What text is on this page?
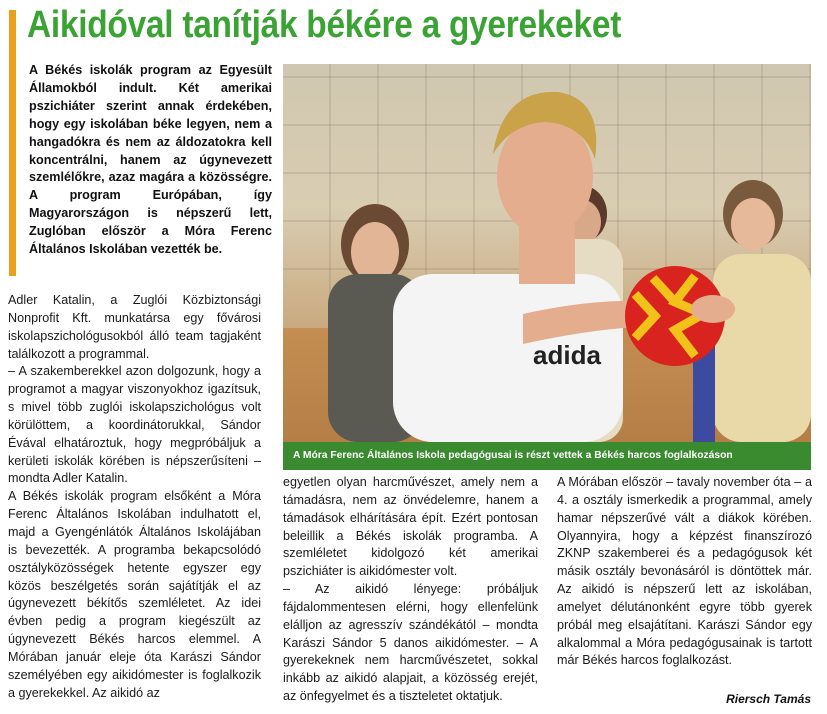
Aikidóval tanítják békére a gyerekeket

A Békés iskolák program az Egyesült Államokból indult. Két amerikai pszichiáter szerint annak érdekében, hogy egy iskolában béke legyen, nem a hangadókra és nem az áldozatokra kell koncentrálni, hanem az úgynevezett szemlélőkre, azaz magára a közösségre. A program Európában, így Magyarországon is népszerű lett, Zuglóban először a Móra Ferenc Általános Iskolában vezették be.

adida
A Móra Ferenc Általános Iskola pedagógusai is részt vettek a Békés harcos foglalkozáson

Adler Katalin, a Zuglói Közbiztonsági Nonprofit Kft. munkatársa egy fővárosi iskolapszichológusokból álló team tagjaként találkozott a programmal.

– A szakemberekkel azon dolgozunk, hogy a programot a magyar viszonyokhoz igazítsuk, s mivel több zuglói iskolapszichológus volt körülöttem, a koordinátorukkal, Sándor Évával elhatároztuk, hogy megpróbáljuk a kerületi iskolák körében is népszerűsíteni – mondta Adler Katalin.

A Békés iskolák program elsőként a Móra Ferenc Általános Iskolában indulhatott el, majd a Gyengénlátók Általános Iskolájában is bevezették. A programba bekapcsolódó osztályközösségek hetente egyszer egy közös beszélgetés során sajátítják el az úgynevezett békítős szemléletet. Az idei évben pedig a program kiegészült az úgynevezett Békés harcos elemmel. A Mórában január eleje óta Karászi Sándor személyében egy aikidómester is foglalkozik a gyerekekkel. Az aikidó az

egyetlen olyan harcművészet, amely nem a támadásra, nem az önvédelemre, hanem a támadások elhárítására épít. Ezért pontosan beleillik a Békés iskolák programba. A szemléletet kidolgozó két amerikai pszichiáter is aikidómester volt.

– Az aikidó lényege: próbáljuk fájdalommentesen elérni, hogy ellenfelünk elálljon az agresszív szándékától – mondta Karászi Sándor 5 danos aikidómester. – A gyerekeknek nem harcművészetet, sokkal inkább az aikidó alapjait, a közösség erejét, az önfegyelmet és a tiszteletet oktatjuk.

A Mórában először – tavaly november óta – a 4. a osztály ismerkedik a programmal, amely hamar népszerűvé vált a diákok körében. Olyannyira, hogy a képzést finanszírozó ZKNP szakemberei és a pedagógusok két másik osztály bevonásáról is döntöttek már. Az aikidó is népszerű lett az iskolában, amelyet délutánonként egyre több gyerek próbál meg elsajátítani. Karászi Sándor egy alkalommal a Móra pedagógusainak is tartott már Békés harcos foglalkozást.

Riersch Tamás
